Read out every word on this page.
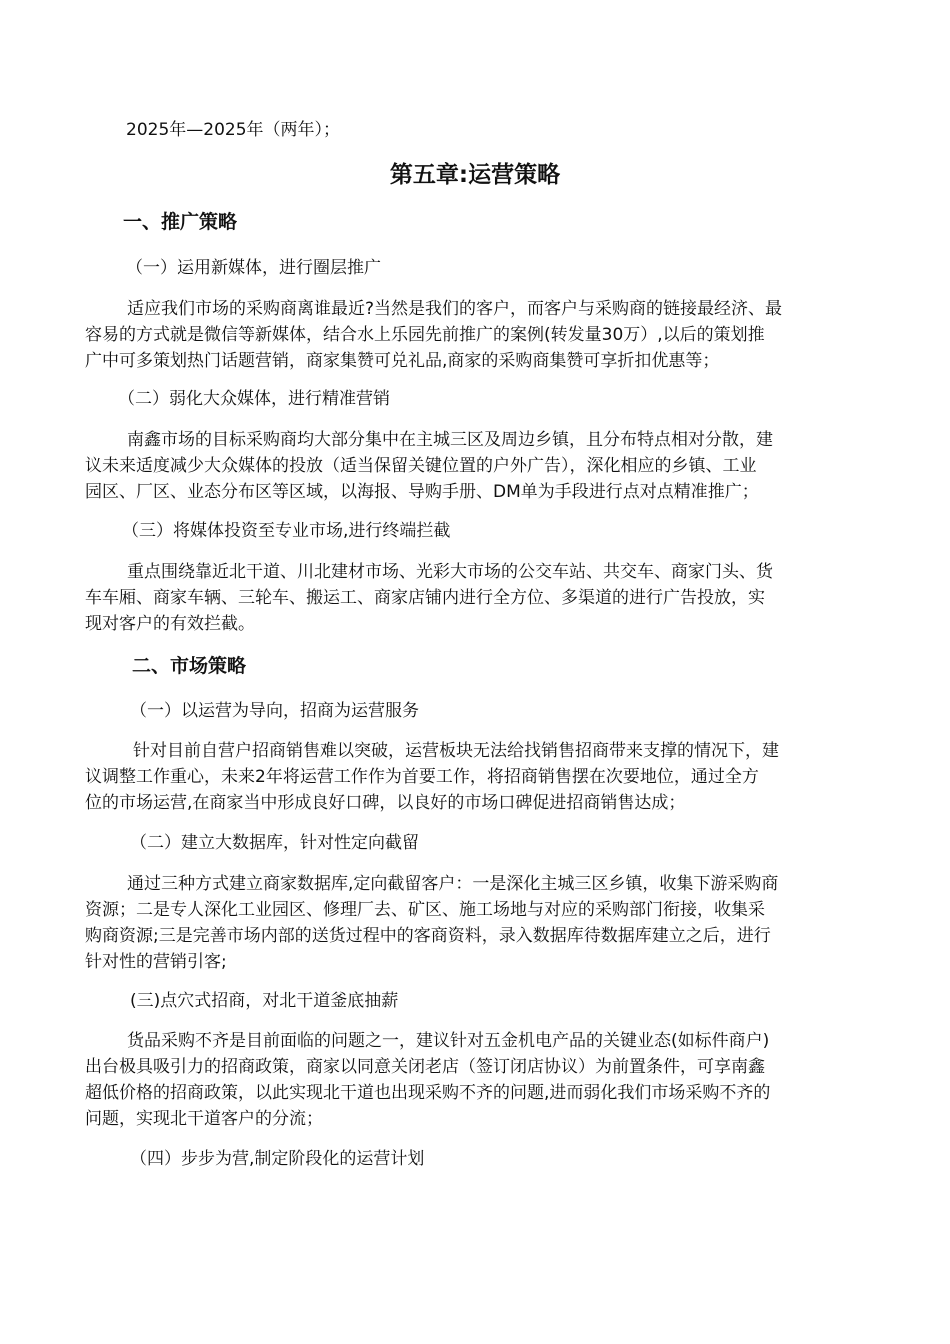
2025年—2025年（两年）；
第五章:运营策略
一、推广策略
（一）运用新媒体，进行圈层推广
适应我们市场的采购商离谁最近?当然是我们的客户，而客户与采购商的链接最经济、最
容易的方式就是微信等新媒体，结合水上乐园先前推广的案例(转发量30万）,以后的策划推
广中可多策划热门话题营销，商家集赞可兑礼品,商家的采购商集赞可享折扣优惠等；
（二）弱化大众媒体，进行精准营销
南鑫市场的目标采购商均大部分集中在主城三区及周边乡镇，且分布特点相对分散，建
议未来适度减少大众媒体的投放（适当保留关键位置的户外广告），深化相应的乡镇、工业
园区、厂区、业态分布区等区域，以海报、导购手册、DM单为手段进行点对点精准推广；
（三）将媒体投资至专业市场,进行终端拦截
重点围绕靠近北干道、川北建材市场、光彩大市场的公交车站、共交车、商家门头、货
车车厢、商家车辆、三轮车、搬运工、商家店铺内进行全方位、多渠道的进行广告投放，实
现对客户的有效拦截。
二、市场策略
（一）以运营为导向，招商为运营服务
针对目前自营户招商销售难以突破，运营板块无法给找销售招商带来支撑的情况下，建
议调整工作重心，未来2年将运营工作作为首要工作，将招商销售摆在次要地位，通过全方
位的市场运营,在商家当中形成良好口碑，以良好的市场口碑促进招商销售达成；
（二）建立大数据库，针对性定向截留
通过三种方式建立商家数据库,定向截留客户：一是深化主城三区乡镇，收集下游采购商
资源；二是专人深化工业园区、修理厂去、矿区、施工场地与对应的采购部门衔接，收集采
购商资源;三是完善市场内部的送货过程中的客商资料，录入数据库待数据库建立之后，进行
针对性的营销引客;
(三)点穴式招商，对北干道釜底抽薪
货品采购不齐是目前面临的问题之一，建议针对五金机电产品的关键业态(如标件商户)
出台极具吸引力的招商政策，商家以同意关闭老店（签订闭店协议）为前置条件，可享南鑫
超低价格的招商政策，以此实现北干道也出现采购不齐的问题,进而弱化我们市场采购不齐的
问题，实现北干道客户的分流；
（四）步步为营,制定阶段化的运营计划
